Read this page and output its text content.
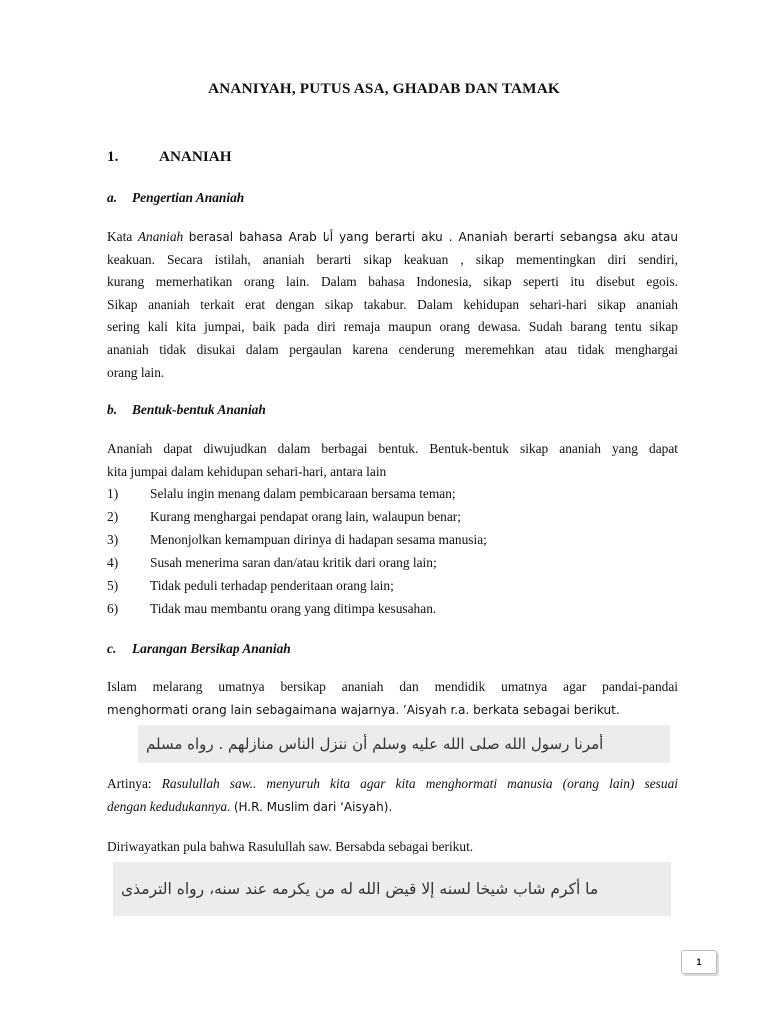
ANANIYAH, PUTUS ASA, GHADAB DAN TAMAK
1.	ANANIAH
a. Pengertian Ananiah
Kata Ananiah berasal bahasa Arab أنا yang berarti aku . Ananiah berarti sebangsa aku atau
keakuan. Secara istilah, ananiah berarti sikap keakuan , sikap mementingkan diri sendiri,
kurang memerhatikan orang lain. Dalam bahasa Indonesia, sikap seperti itu disebut egois.
Sikap ananiah terkait erat dengan sikap takabur. Dalam kehidupan sehari-hari sikap ananiah
sering kali kita jumpai, baik pada diri remaja maupun orang dewasa. Sudah barang tentu sikap
ananiah tidak disukai dalam pergaulan karena cenderung meremehkan atau tidak menghargai
orang lain.
b. Bentuk-bentuk Ananiah
Ananiah dapat diwujudkan dalam berbagai bentuk. Bentuk-bentuk sikap ananiah yang dapat
kita jumpai dalam kehidupan sehari-hari, antara lain
1) Selalu ingin menang dalam pembicaraan bersama teman;
2) Kurang menghargai pendapat orang lain, walaupun benar;
3) Menonjolkan kemampuan dirinya di hadapan sesama manusia;
4) Susah menerima saran dan/atau kritik dari orang lain;
5) Tidak peduli terhadap penderitaan orang lain;
6) Tidak mau membantu orang yang ditimpa kesusahan.
c. Larangan Bersikap Ananiah
Islam melarang umatnya bersikap ananiah dan mendidik umatnya agar pandai-pandai
menghormati orang lain sebagaimana wajarnya. ’Aisyah r.a. berkata sebagai berikut.
أمرنا رسول الله صلى الله عليه وسلم أن ننزل الناس منازلهم . رواه مسلم
Artinya: Rasulullah saw.. menyuruh kita agar kita menghormati manusia (orang lain) sesuai
dengan kedudukannya. (H.R. Muslim dari ‘Aisyah).
Diriwayatkan pula bahwa Rasulullah saw. Bersabda sebagai berikut.
ما أكرم شاب شيخا لسنه إلا قيض الله له من يكرمه عند سنه، رواه الترمذى
1
